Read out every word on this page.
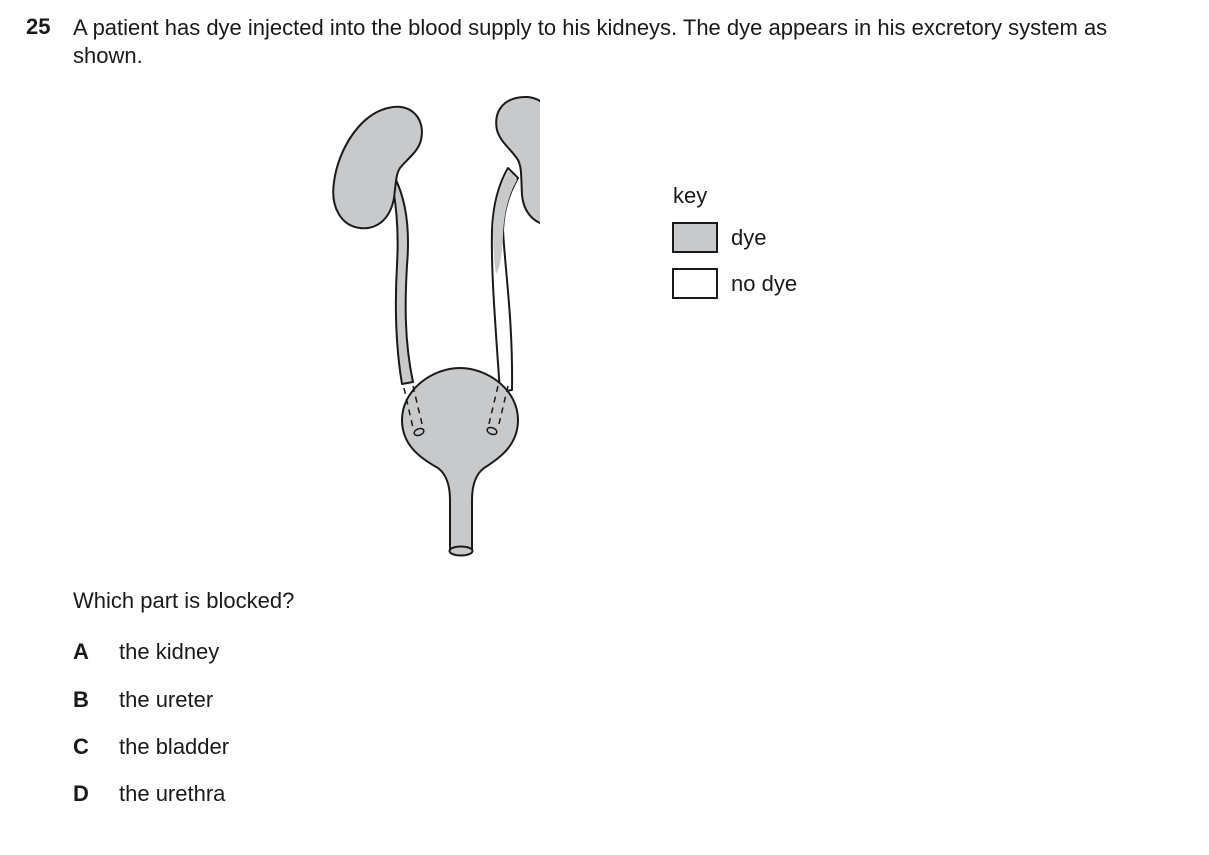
25 A patient has dye injected into the blood supply to his kidneys. The dye appears in his excretory system as shown.
key
dye
no dye
Which part is blocked?
A the kidney
B the ureter
C the bladder
D the urethra
